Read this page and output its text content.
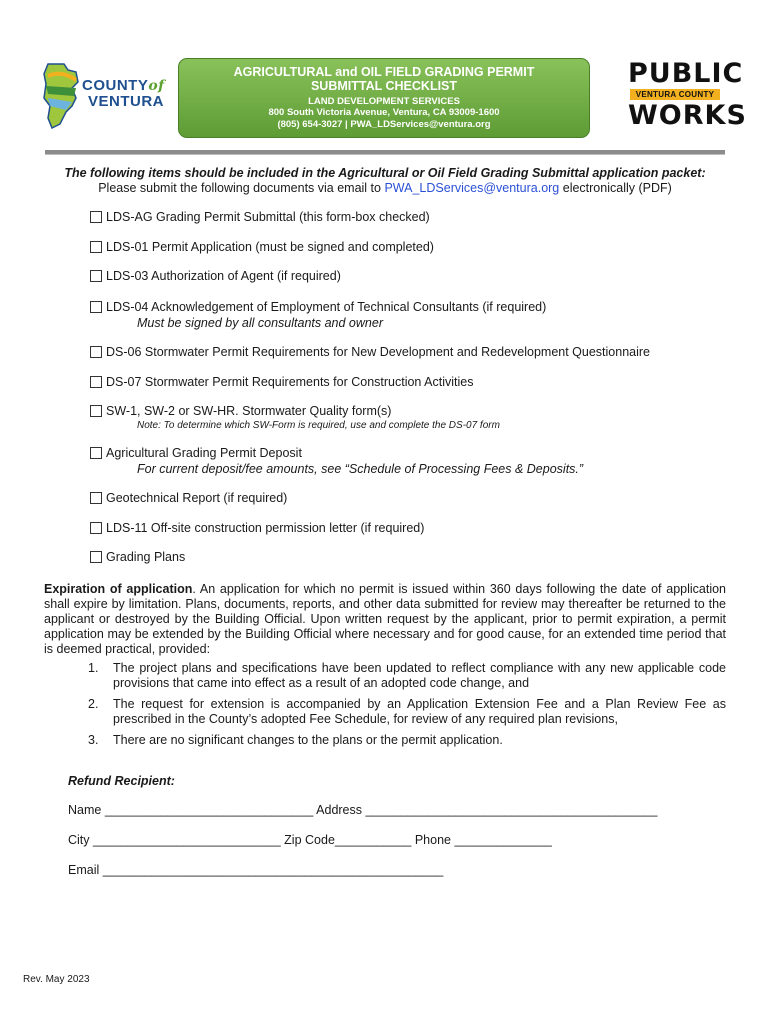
COUNTYof
VENTURA
AGRICULTURAL and OIL FIELD GRADING PERMIT SUBMITTAL CHECKLIST
LAND DEVELOPMENT SERVICES
800 South Victoria Avenue, Ventura, CA 93009-1600
(805) 654-3027 | PWA_LDServices@ventura.org
PUBLIC
VENTURA COUNTY
WORKS
The following items should be included in the Agricultural or Oil Field Grading Submittal application packet:
Please submit the following documents via email to PWA_LDServices@ventura.org electronically (PDF)
LDS-AG Grading Permit Submittal (this form-box checked)
LDS-01 Permit Application (must be signed and completed)
LDS-03 Authorization of Agent (if required)
LDS-04 Acknowledgement of Employment of Technical Consultants (if required)
Must be signed by all consultants and owner
DS-06 Stormwater Permit Requirements for New Development and Redevelopment Questionnaire
DS-07 Stormwater Permit Requirements for Construction Activities
SW-1, SW-2 or SW-HR. Stormwater Quality form(s)
Note: To determine which SW-Form is required, use and complete the DS-07 form
Agricultural Grading Permit Deposit
For current deposit/fee amounts, see “Schedule of Processing Fees & Deposits.”
Geotechnical Report (if required)
LDS-11 Off-site construction permission letter (if required)
Grading Plans
Expiration of application. An application for which no permit is issued within 360 days following the date of application shall expire by limitation. Plans, documents, reports, and other data submitted for review may thereafter be returned to the applicant or destroyed by the Building Official. Upon written request by the applicant, prior to permit expiration, a permit application may be extended by the Building Official where necessary and for good cause, for an extended time period that is deemed practical, provided:
1. The project plans and specifications have been updated to reflect compliance with any new applicable code provisions that came into effect as a result of an adopted code change, and
2. The request for extension is accompanied by an Application Extension Fee and a Plan Review Fee as prescribed in the County’s adopted Fee Schedule, for review of any required plan revisions,
3. There are no significant changes to the plans or the permit application.
Refund Recipient:
Name ______________________________ Address __________________________________________
City ___________________________ Zip Code___________ Phone ______________
Email _________________________________________________
Rev. May 2023
